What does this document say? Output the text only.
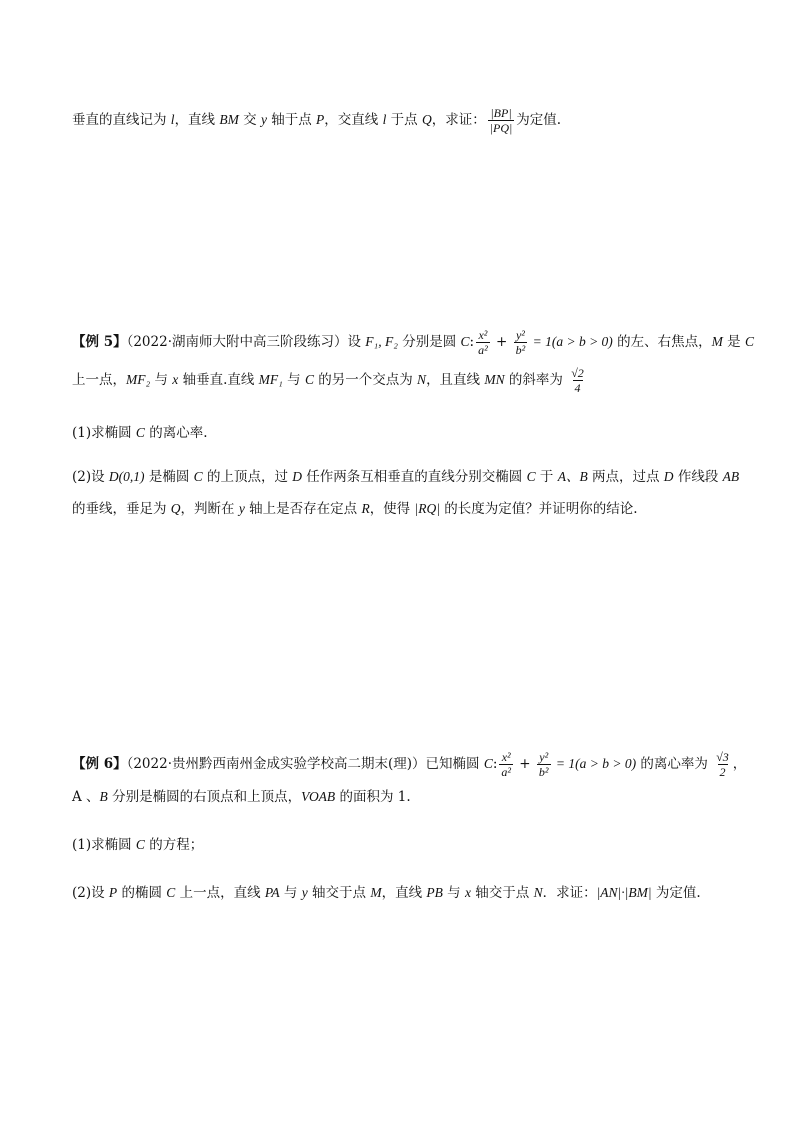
垂直的直线记为 l，直线 BM 交 y 轴于点 P，交直线 l 于点 Q，求证： $\frac{|BP|}{|PQ|}$ 为定值.
【例 5】（2022·湖南师大附中高三阶段练习）设 F₁, F₂ 分别是圆 C: $\frac{\text{x²}}{\text{a²}} + \frac{\text{y²}}{\text{b²}} = 1(a > b > 0)$ 的左、右焦点，M 是 C
上一点，MF₂ 与 x 轴垂直.直线 MF₁ 与 C 的另一个交点为 N，且直线 MN 的斜率为 $\frac{√2}{4}$
(1)求椭圆 C 的离心率.
(2)设 D(0,1) 是椭圆 C 的上顶点，过 D 任作两条互相垂直的直线分别交椭圆 C 于 A、B 两点，过点 D 作线段 AB
的垂线，垂足为 Q，判断在 y 轴上是否存在定点 R，使得 |RQ| 的长度为定值？并证明你的结论.
【例 6】（2022·贵州黔西南州金成实验学校高二期末(理)）已知椭圆 C: $\frac{\text{x²}}{\text{a²}} + \frac{\text{y²}}{\text{b²}} = 1(a > b > 0)$ 的离心率为 $\frac{√3}{2}$ ，
A 、B 分别是椭圆的右顶点和上顶点，VOAB 的面积为 1.
(1)求椭圆 C 的方程；
(2)设 P 的椭圆 C 上一点，直线 PA 与 y 轴交于点 M，直线 PB 与 x 轴交于点 N．求证：|AN|·|BM| 为定值.
